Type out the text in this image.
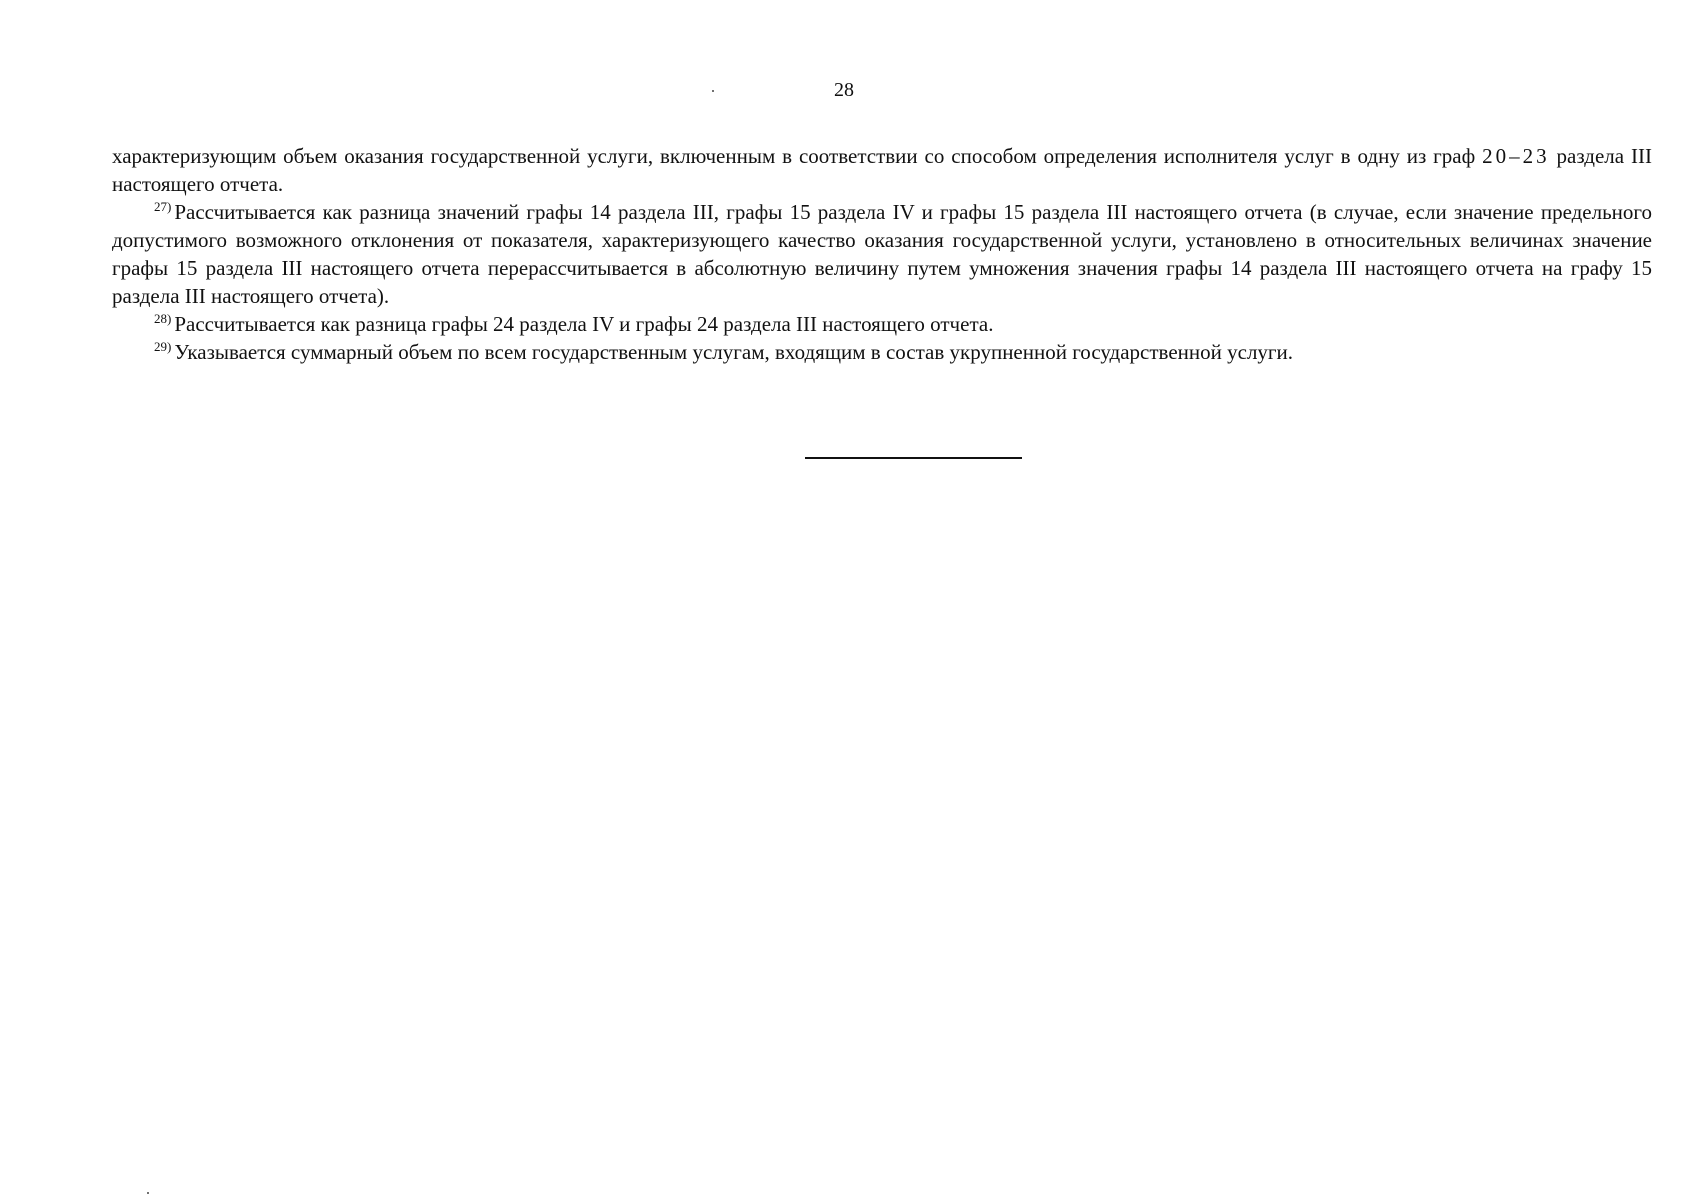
28

характеризующим объем оказания государственной услуги, включенным в соответствии со способом определения исполнителя услуг в одну из граф 20–23 раздела III настоящего отчета.

$^{27)}$ Рассчитывается как разница значений графы 14 раздела III, графы 15 раздела IV и графы 15 раздела III настоящего отчета (в случае, если значение предельного допустимого возможного отклонения от показателя, характеризующего качество оказания государственной услуги, установлено в относительных величинах значение графы 15 раздела III настоящего отчета перерассчитывается в абсолютную величину путем умножения значения графы 14 раздела III настоящего отчета на графу 15 раздела III настоящего отчета).

$^{28)}$ Рассчитывается как разница графы 24 раздела IV и графы 24 раздела III настоящего отчета.

$^{29)}$ Указывается суммарный объем по всем государственным услугам, входящим в состав укрупненной государственной услуги.
